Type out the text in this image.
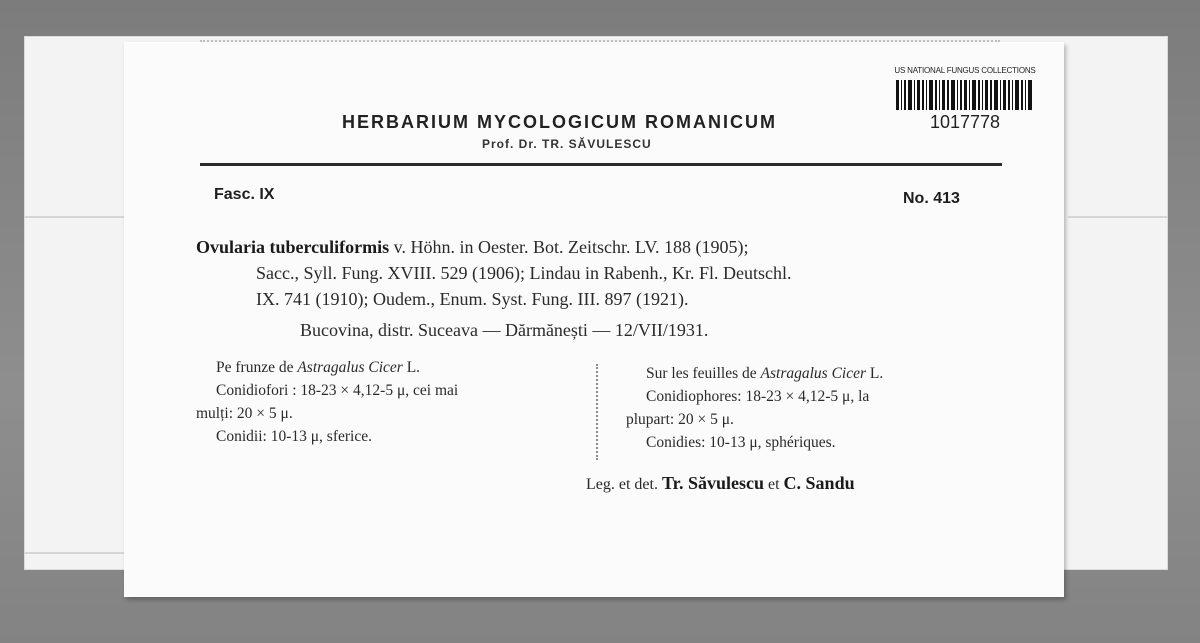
US NATIONAL FUNGUS COLLECTIONS
1017778
HERBARIUM MYCOLOGICUM ROMANICUM
Prof. Dr. TR. SĂVULESCU
Fasc. IX	No. 413
Ovularia tuberculiformis v. Höhn. in Oester. Bot. Zeitschr. LV. 188 (1905);
Sacc., Syll. Fung. XVIII. 529 (1906); Lindau in Rabenh., Kr. Fl. Deutschl.
IX. 741 (1910); Oudem., Enum. Syst. Fung. III. 897 (1921).
Bucovina, distr. Suceava — Dărmănești — 12/VII/1931.
Pe frunze de Astragalus Cicer L.
Conidiofori : 18-23 × 4,12-5 μ, cei mai
mulți: 20 × 5 μ.
Conidii: 10-13 μ, sferice.
Sur les feuilles de Astragalus Cicer L.
Conidiophores: 18-23 × 4,12-5 μ, la
plupart: 20 × 5 μ.
Conidies: 10-13 μ, sphériques.
Leg. et det. Tr. Săvulescu et C. Sandu
